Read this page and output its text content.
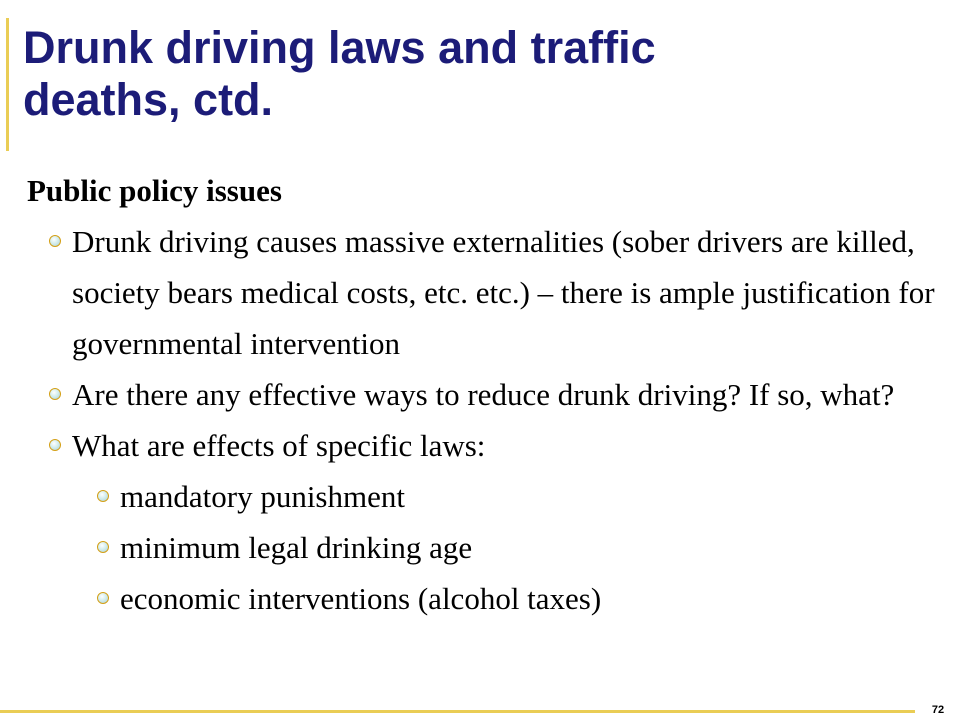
Drunk driving laws and traffic
deaths, ctd.

Public policy issues

Drunk driving causes massive externalities (sober drivers are killed, society bears medical costs, etc. etc.) – there is ample justification for governmental intervention

Are there any effective ways to reduce drunk driving? If so, what?

What are effects of specific laws:

mandatory punishment

minimum legal drinking age

economic interventions (alcohol taxes)

72
